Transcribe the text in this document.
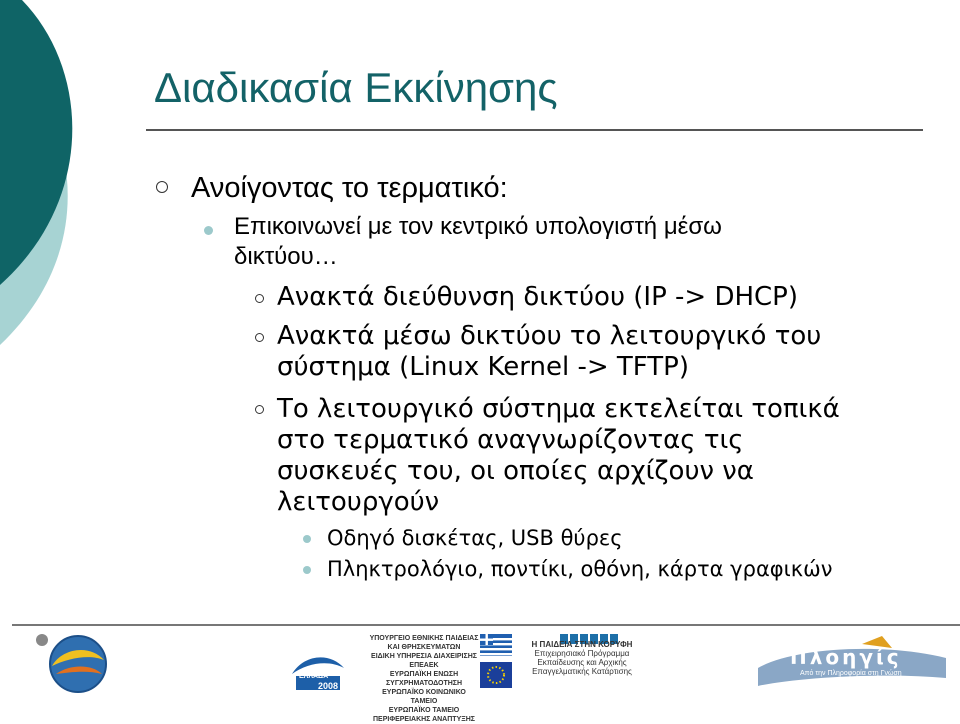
Διαδικασία Εκκίνησης
Ανοίγοντας το τερματικό:
Επικοινωνεί με τον κεντρικό υπολογιστή μέσω
δικτύου…
Ανακτά διεύθυνση δικτύου (IP -> DHCP)
Ανακτά μέσω δικτύου το λειτουργικό του
σύστημα (Linux Kernel -> TFTP)
Το λειτουργικό σύστημα εκτελείται τοπικά
στο τερματικό αναγνωρίζοντας τις
συσκευές του, οι οποίες αρχίζουν να
λειτουργούν
Οδηγό δισκέτας, USB θύρες
Πληκτρολόγιο, ποντίκι, οθόνη, κάρτα γραφικών
ΕΛΛΑΔΑ
2008
ΥΠΟΥΡΓΕΙΟ ΕΘΝΙΚΗΣ ΠΑΙΔΕΙΑΣ ΚΑΙ ΘΡΗΣΚΕΥΜΑΤΩΝ
ΕΙΔΙΚΗ ΥΠΗΡΕΣΙΑ ΔΙΑΧΕΙΡΙΣΗΣ ΕΠΕΑΕΚ
ΕΥΡΩΠΑΪΚΗ ΕΝΩΣΗ
ΣΥΓΧΡΗΜΑΤΟΔΟΤΗΣΗ
ΕΥΡΩΠΑΪΚΟ ΚΟΙΝΩΝΙΚΟ ΤΑΜΕΙΟ
ΕΥΡΩΠΑΪΚΟ ΤΑΜΕΙΟ ΠΕΡΙΦΕΡΕΙΑΚΗΣ ΑΝΑΠΤΥΞΗΣ
Η ΠΑΙΔΕΙΑ ΣΤΗΝ ΚΟΡΥΦΗ
Επιχειρησιακό Πρόγραμμα
Εκπαίδευσης και Αρχικής
Επαγγελματικής Κατάρτισης
Πλοηγίς
Από την Πληροφορία στη Γνώση
From Information to Knowledge
